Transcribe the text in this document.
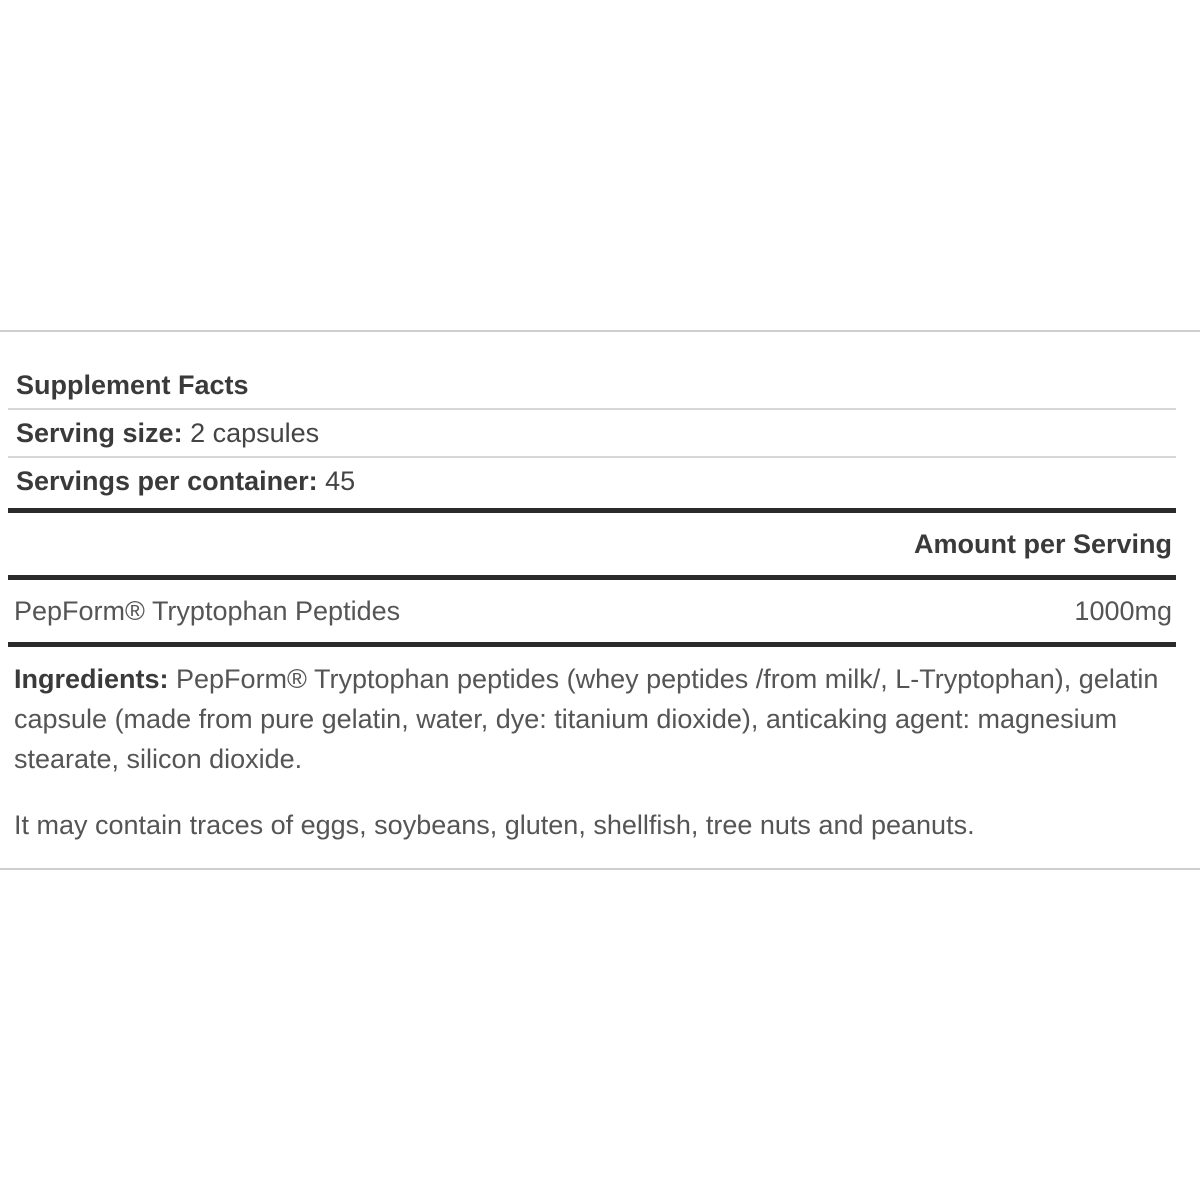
Supplement Facts
Serving size: 2 capsules
Servings per container: 45
Amount per Serving
PepForm® Tryptophan Peptides	1000mg
Ingredients: PepForm® Tryptophan peptides (whey peptides /from milk/, L-Tryptophan), gelatin capsule (made from pure gelatin, water, dye: titanium dioxide), anticaking agent: magnesium stearate, silicon dioxide.
It may contain traces of eggs, soybeans, gluten, shellfish, tree nuts and peanuts.
